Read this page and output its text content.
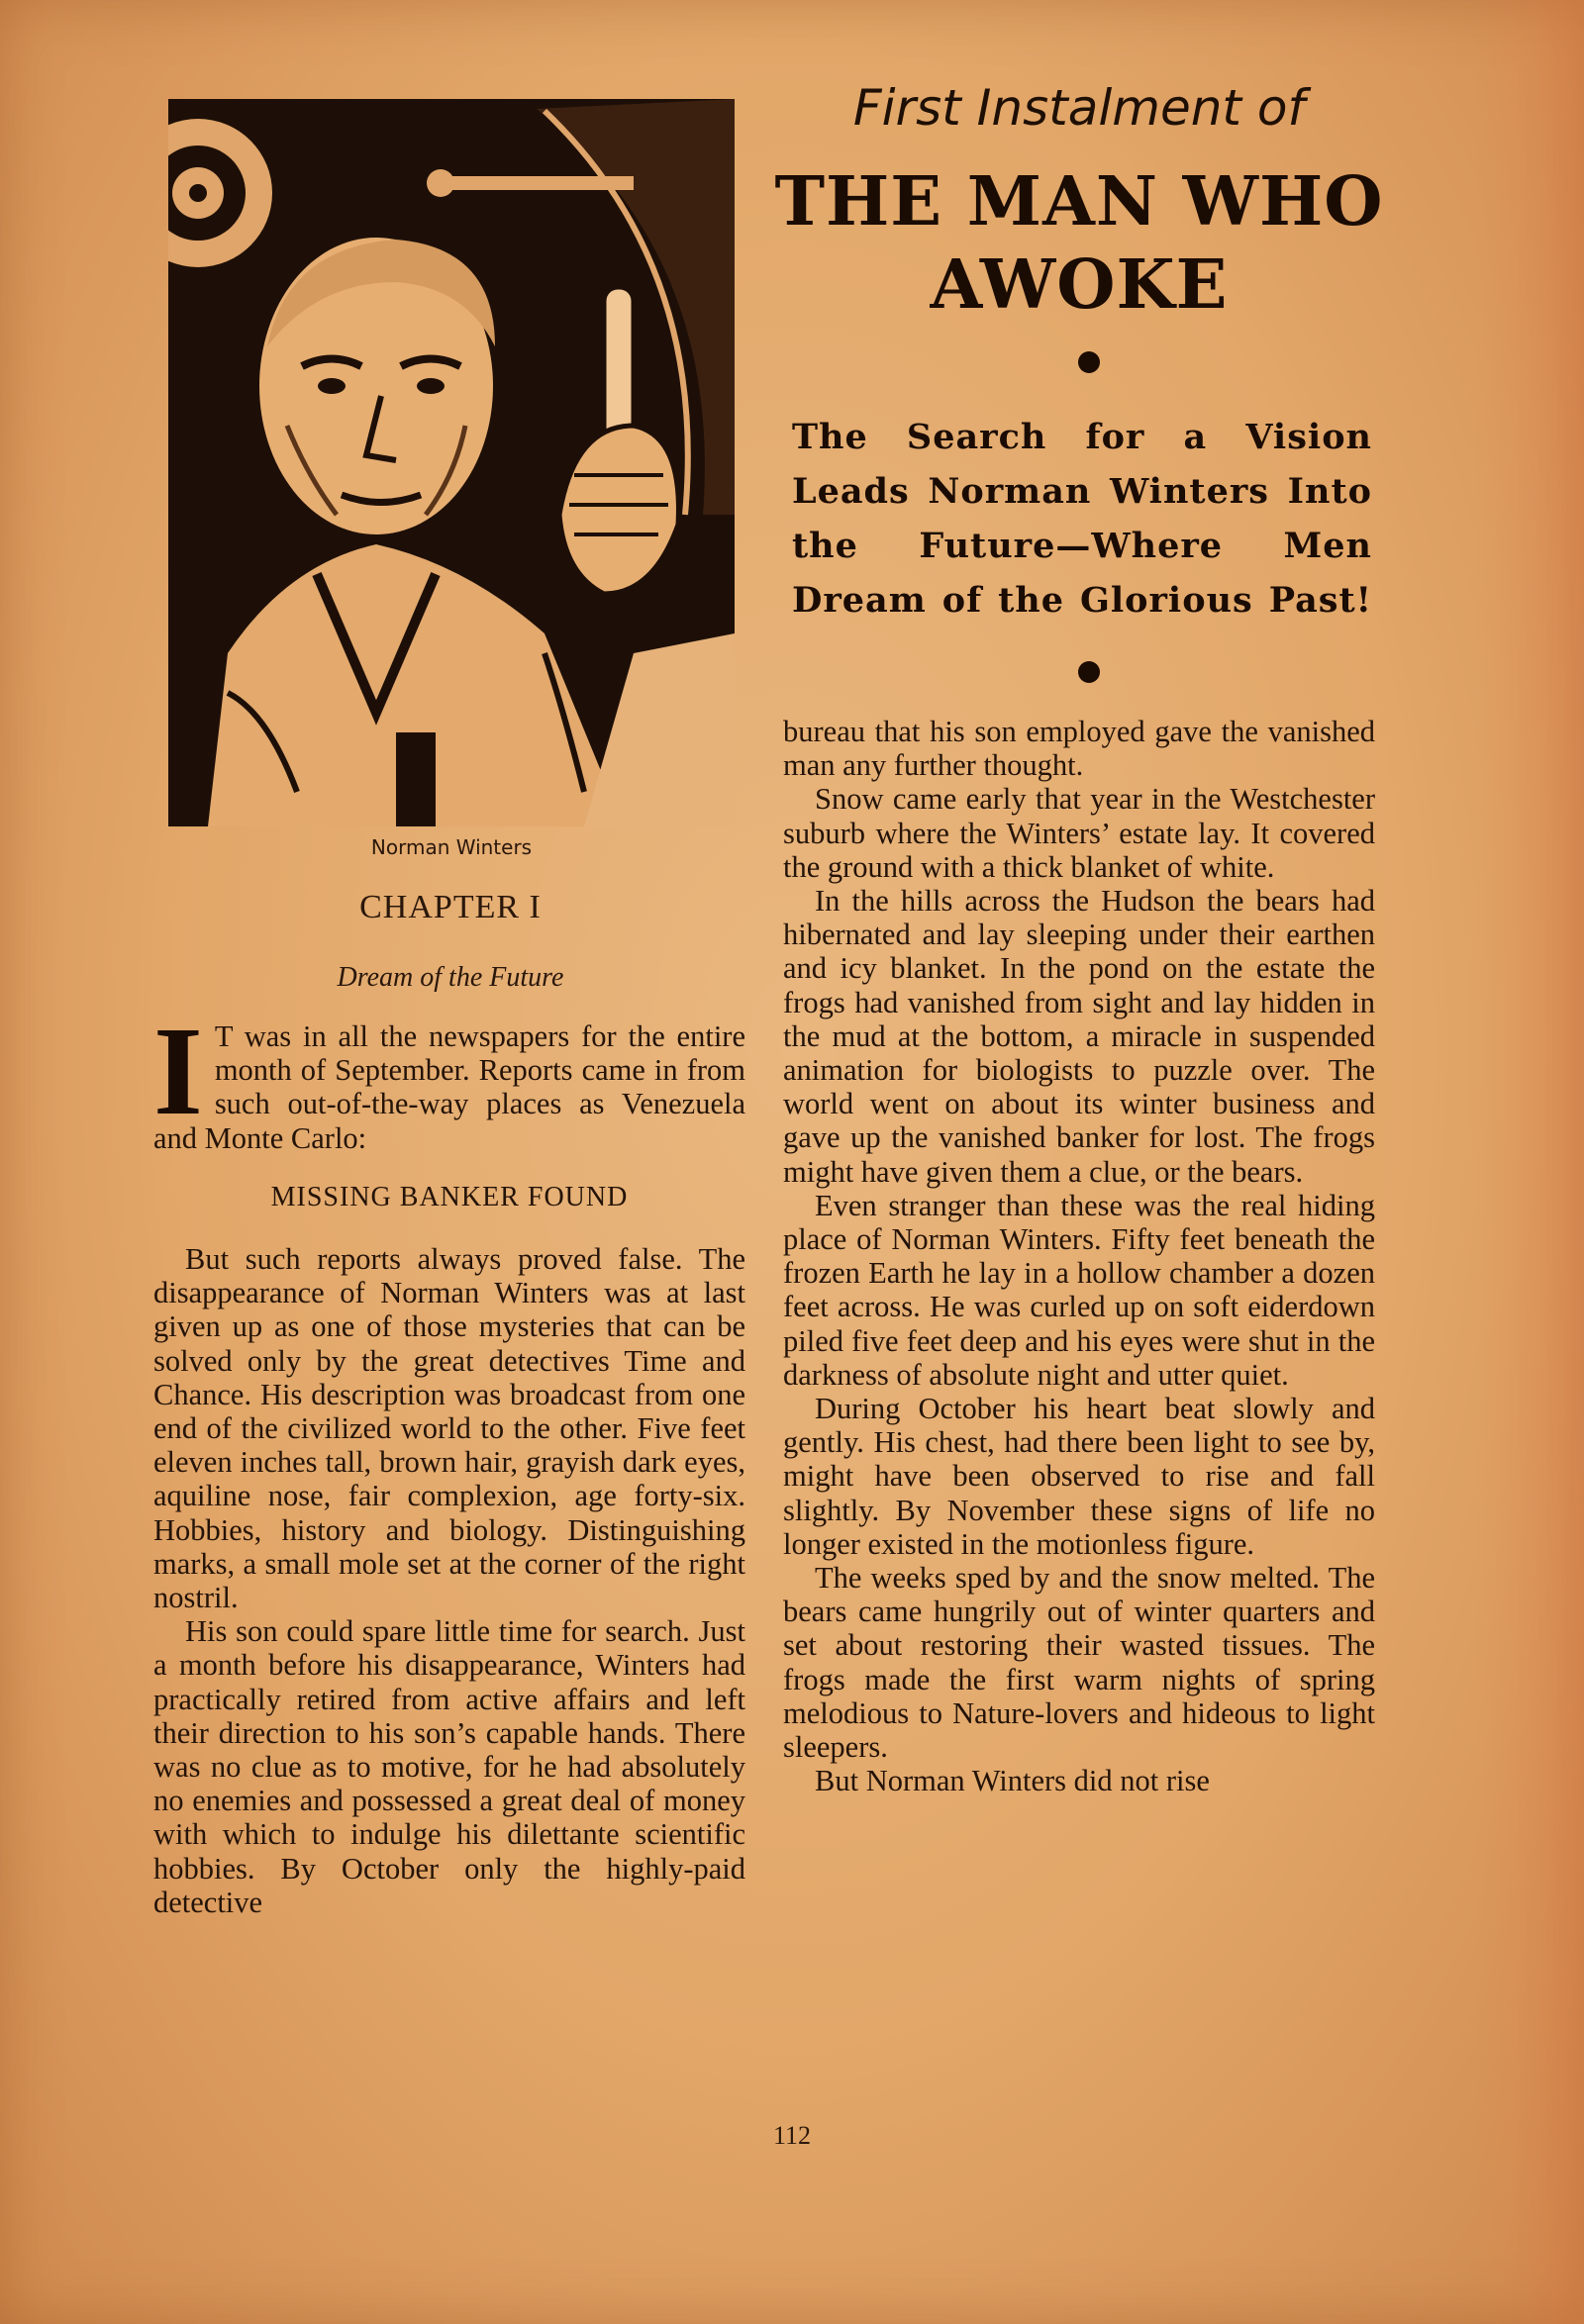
Norman Winters
First Instalment of
THE MAN WHO
AWOKE
The Search for a Vision Leads Norman Winters Into the Future—Where Men Dream of the Glorious Past!
CHAPTER I
Dream of the Future

I T was in all the newspapers for the entire month of September. Reports came in from such out-of-the-way places as Venezuela and Monte Carlo:

MISSING BANKER FOUND

But such reports always proved false. The disappearance of Norman Winters was at last given up as one of those mysteries that can be solved only by the great detectives Time and Chance. His description was broadcast from one end of the civilized world to the other. Five feet eleven inches tall, brown hair, grayish dark eyes, aquiline nose, fair complexion, age forty-six. Hobbies, history and biology. Distinguishing marks, a small mole set at the corner of the right nostril.

His son could spare little time for search. Just a month before his disappearance, Winters had practically retired from active affairs and left their direction to his son’s capable hands. There was no clue as to motive, for he had absolutely no enemies and possessed a great deal of money with which to indulge his dilettante scientific hobbies. By October only the highly-paid detective

bureau that his son employed gave the vanished man any further thought.

Snow came early that year in the Westchester suburb where the Winters’ estate lay. It covered the ground with a thick blanket of white.

In the hills across the Hudson the bears had hibernated and lay sleeping under their earthen and icy blanket. In the pond on the estate the frogs had vanished from sight and lay hidden in the mud at the bottom, a miracle in suspended animation for biologists to puzzle over. The world went on about its winter business and gave up the vanished banker for lost. The frogs might have given them a clue, or the bears.

Even stranger than these was the real hiding place of Norman Winters. Fifty feet beneath the frozen Earth he lay in a hollow chamber a dozen feet across. He was curled up on soft eiderdown piled five feet deep and his eyes were shut in the darkness of absolute night and utter quiet.

During October his heart beat slowly and gently. His chest, had there been light to see by, might have been observed to rise and fall slightly. By November these signs of life no longer existed in the motionless figure.

The weeks sped by and the snow melted. The bears came hungrily out of winter quarters and set about restoring their wasted tissues. The frogs made the first warm nights of spring melodious to Nature-lovers and hideous to light sleepers.

But Norman Winters did not rise

112
